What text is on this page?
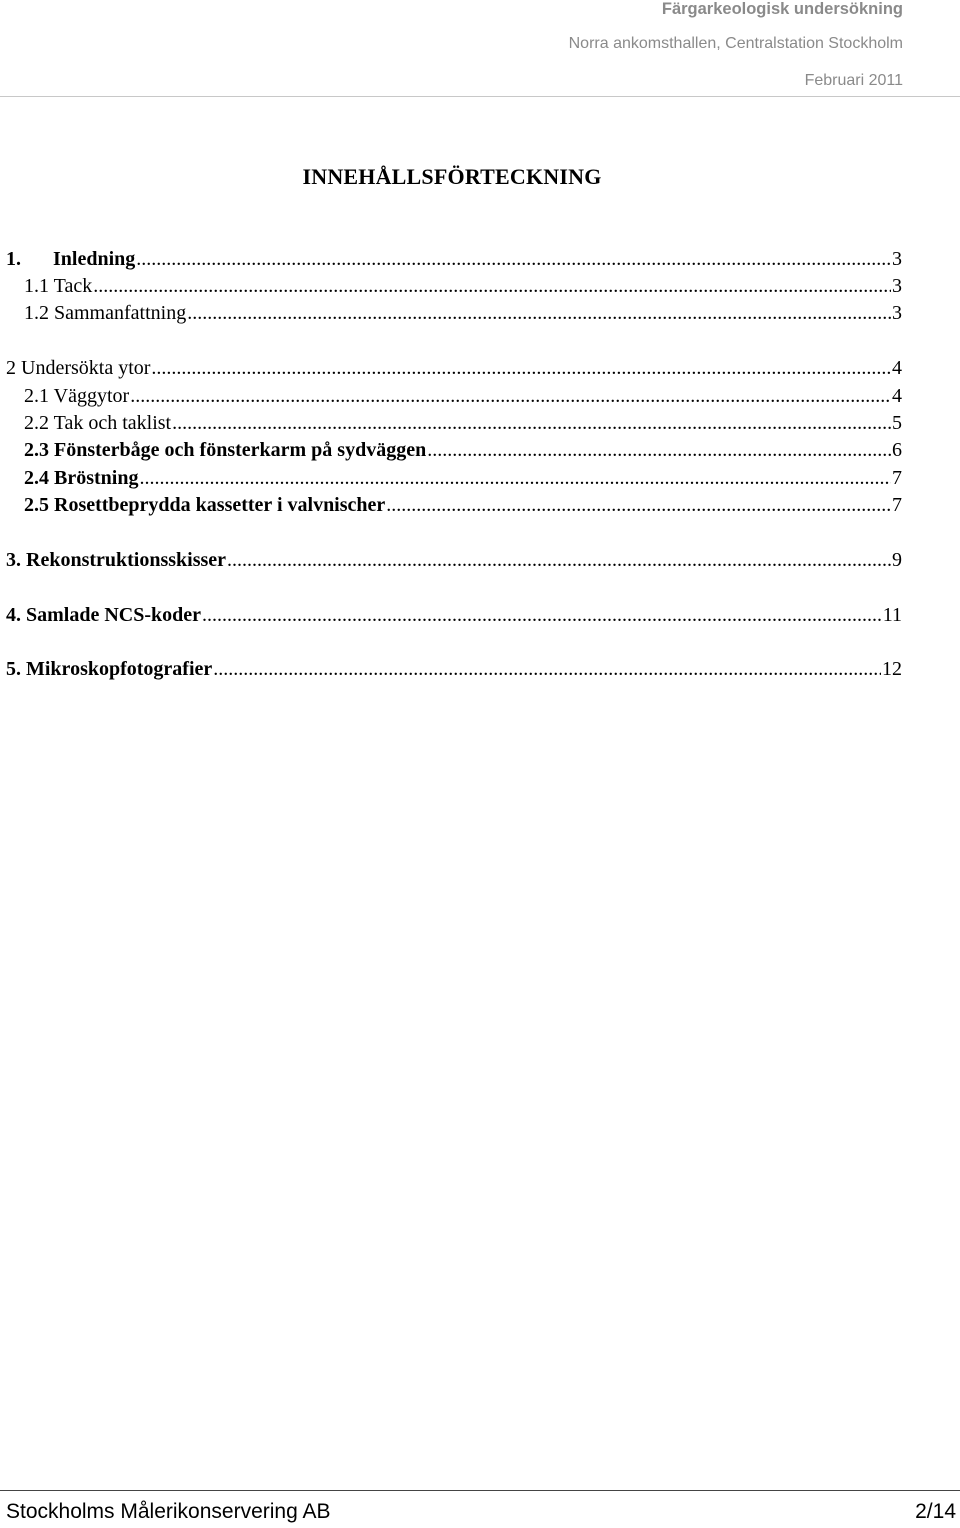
Färgarkeologisk undersökning
Norra ankomsthallen, Centralstation Stockholm
Februari 2011
INNEHÅLLSFÖRTECKNING
1. Inledning .....	3
1.1 Tack .....	3
1.2 Sammanfattning .....	3
2 Undersökta ytor .....	4
2.1 Väggytor .....	4
2.2 Tak och taklist .....	5
2.3 Fönsterbåge och fönsterkarm på sydväggen .....	6
2.4 Bröstning .....	7
2.5 Rosettbeprydda kassetter i valvnischer .....	7
3. Rekonstruktionsskisser .....	9
4. Samlade NCS-koder .....	11
5. Mikroskopfotografier .....	12
Stockholms Målerikonservering AB	2/14
